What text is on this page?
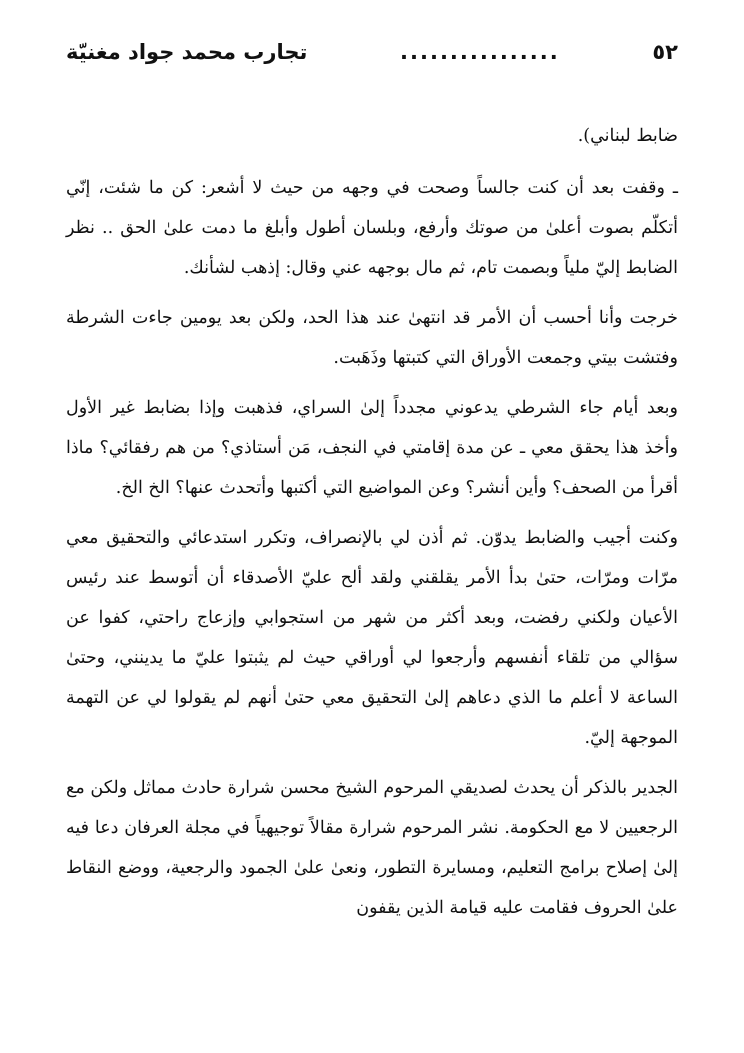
٥٢
................
تجارب محمد جواد مغنيّة

ضابط لبناني).

ـ وقفت بعد أن كنت جالساً وصحت في وجهه من حيث لا أشعر: كن ما شئت، إنّي أتكلّم بصوت أعلىٰ من صوتك وأرفع، وبلسان أطول وأبلغ ما دمت علىٰ الحق .. نظر الضابط إليّ ملياً وبصمت تام، ثم مال بوجهه عني وقال: إذهب لشأنك.

خرجت وأنا أحسب أن الأمر قد انتهىٰ عند هذا الحد، ولكن بعد يومين جاءت الشرطة وفتشت بيتي وجمعت الأوراق التي كتبتها وذَهَبت.

وبعد أيام جاء الشرطي يدعوني مجدداً إلىٰ السراي، فذهبت وإذا بضابط غير الأول وأخذ هذا يحقق معي ـ عن مدة إقامتي في النجف، مَن أستاذي؟ من هم رفقائي؟ ماذا أقرأ من الصحف؟ وأين أنشر؟ وعن المواضيع التي أكتبها وأتحدث عنها؟ الخ الخ.

وكنت أجيب والضابط يدوّن. ثم أذن لي بالإنصراف، وتكرر استدعائي والتحقيق معي مرّات ومرّات، حتىٰ بدأ الأمر يقلقني ولقد ألح عليّ الأصدقاء أن أتوسط عند رئيس الأعيان ولكني رفضت، وبعد أكثر من شهر من استجوابي وإزعاج راحتي، كفوا عن سؤالي من تلقاء أنفسهم وأرجعوا لي أوراقي حيث لم يثبتوا عليّ ما يدينني، وحتىٰ الساعة لا أعلم ما الذي دعاهم إلىٰ التحقيق معي حتىٰ أنهم لم يقولوا لي عن التهمة الموجهة إليّ.

الجدير بالذكر أن يحدث لصديقي المرحوم الشيخ محسن شرارة حادث مماثل ولكن مع الرجعيين لا مع الحكومة. نشر المرحوم شرارة مقالاً توجيهياً في مجلة العرفان دعا فيه إلىٰ إصلاح برامج التعليم، ومسايرة التطور، ونعىٰ علىٰ الجمود والرجعية، ووضع النقاط علىٰ الحروف فقامت عليه قيامة الذين يقفون
